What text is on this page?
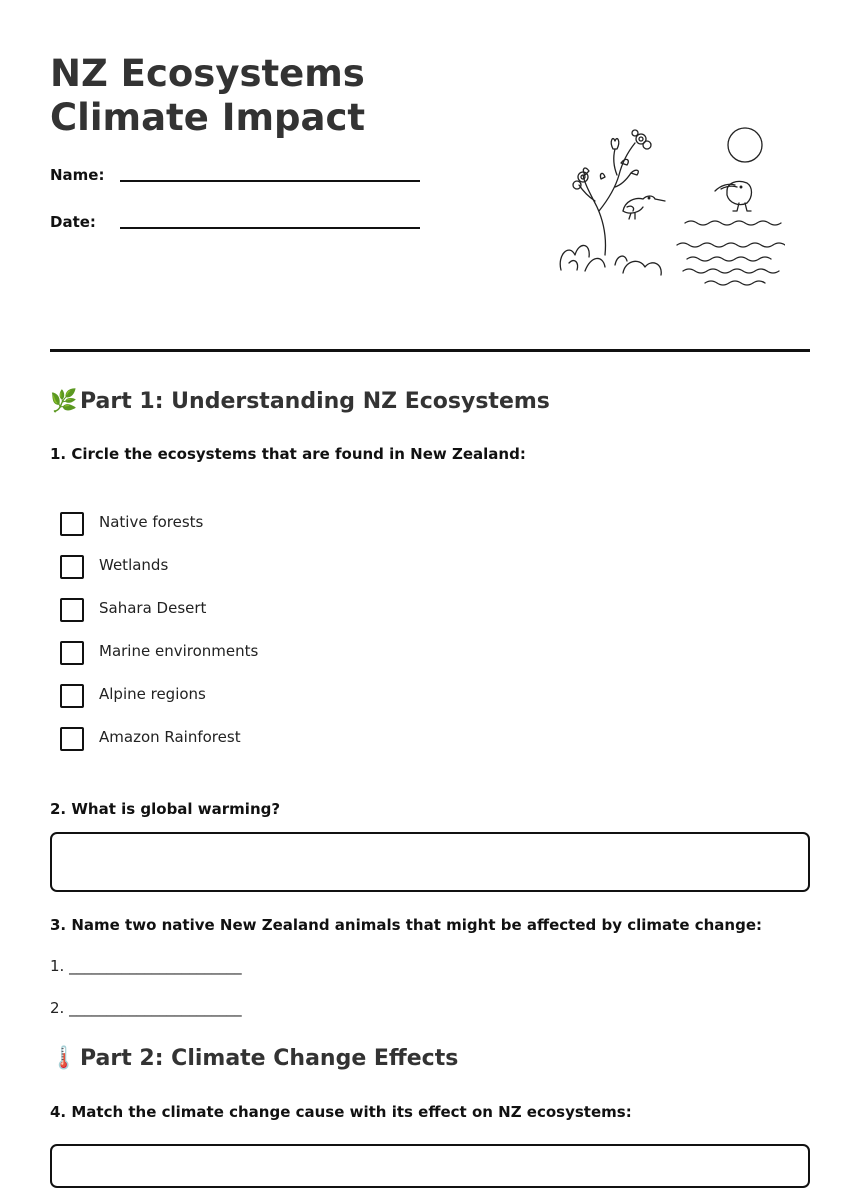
NZ Ecosystems Climate Impact
Name:
Date:
🌿 Part 1: Understanding NZ Ecosystems
1. Circle the ecosystems that are found in New Zealand:
Native forests
Wetlands
Sahara Desert
Marine environments
Alpine regions
Amazon Rainforest
2. What is global warming?
3. Name two native New Zealand animals that might be affected by climate change:
1. _______________________
2. _______________________
🌡️ Part 2: Climate Change Effects
4. Match the climate change cause with its effect on NZ ecosystems:
